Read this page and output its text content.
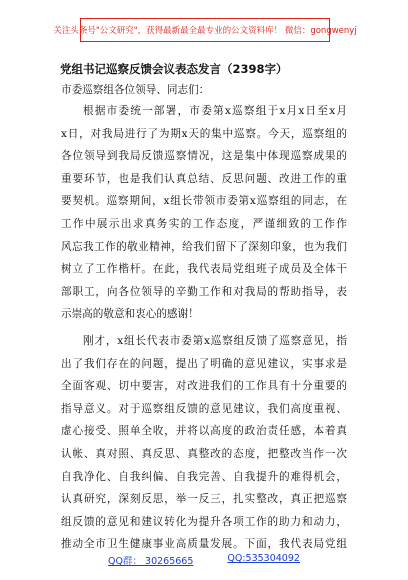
关注头条号"公文研究"，获得最新最全最专业的公文资料库！ 微信：gongwenyj
党组书记巡察反馈会议表态发言（2398字）
市委巡察组各位领导、同志们：
根据市委统一部署，市委第x巡察组于x月x日至x月
x日，对我局进行了为期x天的集中巡察。今天，巡察组的
各位领导到我局反馈巡察情况，这是集中体现巡察成果的
重要环节，也是我们认真总结、反思问题、改进工作的重
要契机。巡察期间，x组长带领市委第x巡察组的同志，在
工作中展示出求真务实的工作态度，严谨细致的工作作
风忘我工作的敬业精神，给我们留下了深刻印象，也为我们
树立了工作楷杆。在此，我代表局党组班子成员及全体干
部职工，向各位领导的辛勤工作和对我局的帮助指导，表
示崇高的敬意和衷心的感谢！
刚才，x组长代表市委第x巡察组反馈了巡察意见，指
出了我们存在的问题，提出了明确的意见建议，实事求是
全面客观、切中要害，对改进我们的工作具有十分重要的
指导意义。对于巡察组反馈的意见建议，我们高度重视、
虚心接受、照单全收，并将以高度的政治责任感，本着真
认帐、真对照、真反思、真整改的态度，把整改当作一次
自我净化、自我纠偏、自我完善、自我提升的难得机会，
认真研究，深刻反思，举一反三，扎实整改，真正把巡察
组反馈的意见和建议转化为提升各项工作的助力和动力，
推动全市卫生健康事业高质量发展。下面，我代表局党组
QQ群： 30265665	QQ:535304092
